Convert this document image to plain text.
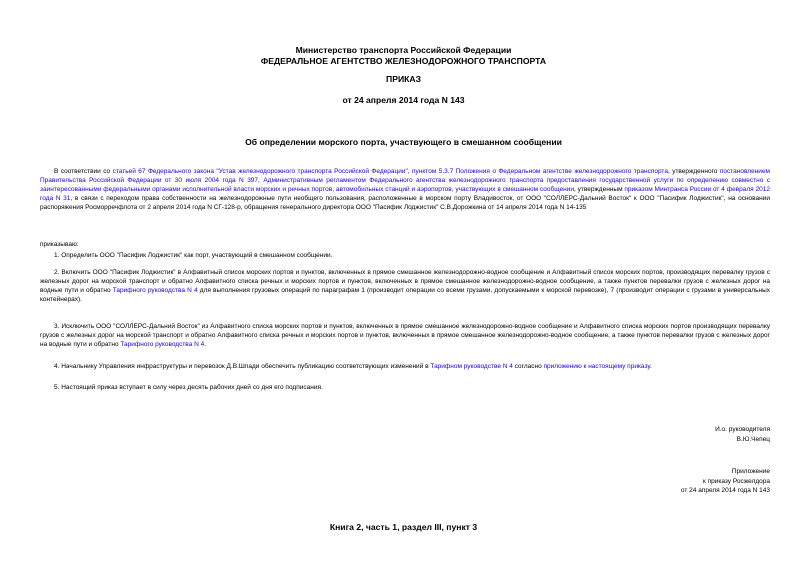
Министерство транспорта Российской Федерации
ФЕДЕРАЛЬНОЕ АГЕНТСТВО ЖЕЛЕЗНОДОРОЖНОГО ТРАНСПОРТА
ПРИКАЗ
от 24 апреля 2014 года N 143
Об определении морского порта, участвующего в смешанном сообщении
В соответствии со статьей 67 Федерального закона "Устав железнодорожного транспорта Российской Федерации", пунктом 5.3.7 Положения о Федеральном агентстве железнодорожного транспорта, утвержденного постановлением Правительства Российской Федерации от 30 июля 2004 года N 397, Административным регламентом Федерального агентства железнодорожного транспорта предоставления государственной услуги по определению совместно с заинтересованными федеральными органами исполнительной власти морских и речных портов, автомобильных станций и аэропортов, участвующих в смешанном сообщении, утвержденным приказом Минтранса России от 4 февраля 2012 года N 31, в связи с переходом права собственности на железнодорожные пути необщего пользования, расположенные в морском порту Владивосток, от ООО "СОЛЛЕРС-Дальний Восток" к ООО "Пасифик Лоджистик", на основании распоряжения Росморречфлота от 2 апреля 2014 года N СГ-128-р, обращения генерального директора ООО "Пасифик Лоджистик" С.В.Дорожкина от 14 апреля 2014 года N 14-135
приказываю:
1. Определить ООО "Пасифик Лоджистик" как порт, участвующий в смешанном сообщении.
2. Включить ООО "Пасифик Лоджистик" в Алфавитный список морских портов и пунктов, включенных в прямое смешанное железнодорожно-водное сообщение и Алфавитный список морских портов, производящих перевалку грузов с железных дорог на морской транспорт и обратно Алфавитного списка речных и морских портов и пунктов, включенных в прямое смешанное железнодорожно-водное сообщение, а также пунктов перевалки грузов с железных дорог на водные пути и обратно Тарифного руководства N 4 для выполнения грузовых операций по параграфам 1 (производит операции со всеми грузами, допускаемыми к морской перевозке), 7 (производит операции с грузами в универсальных контейнерах).
3. Исключить ООО "СОЛЛЕРС-Дальний Восток" из Алфавитного списка морских портов и пунктов, включенных в прямое смешанное железнодорожно-водное сообщение и Алфавитного списка морских портов производящих перевалку грузов с железных дорог на морской транспорт и обратно Алфавитного списка речных и морских портов и пунктов, включенных в прямое смешанное железнодорожно-водное сообщение, а также пунктов перевалки грузов с железных дорог на водные пути и обратно Тарифного руководства N 4.
4. Начальнику Управления инфраструктуры и перевозок Д.В.Шпади обеспечить публикацию соответствующих изменений в Тарифном руководстве N 4 согласно приложению к настоящему приказу.
5. Настоящий приказ вступает в силу через десять рабочих дней со дня его подписания.
И.о. руководителя
В.Ю.Чепец
Приложение
к приказу Росжелдора
от 24 апреля 2014 года N 143
Книга 2, часть 1, раздел III, пункт 3
